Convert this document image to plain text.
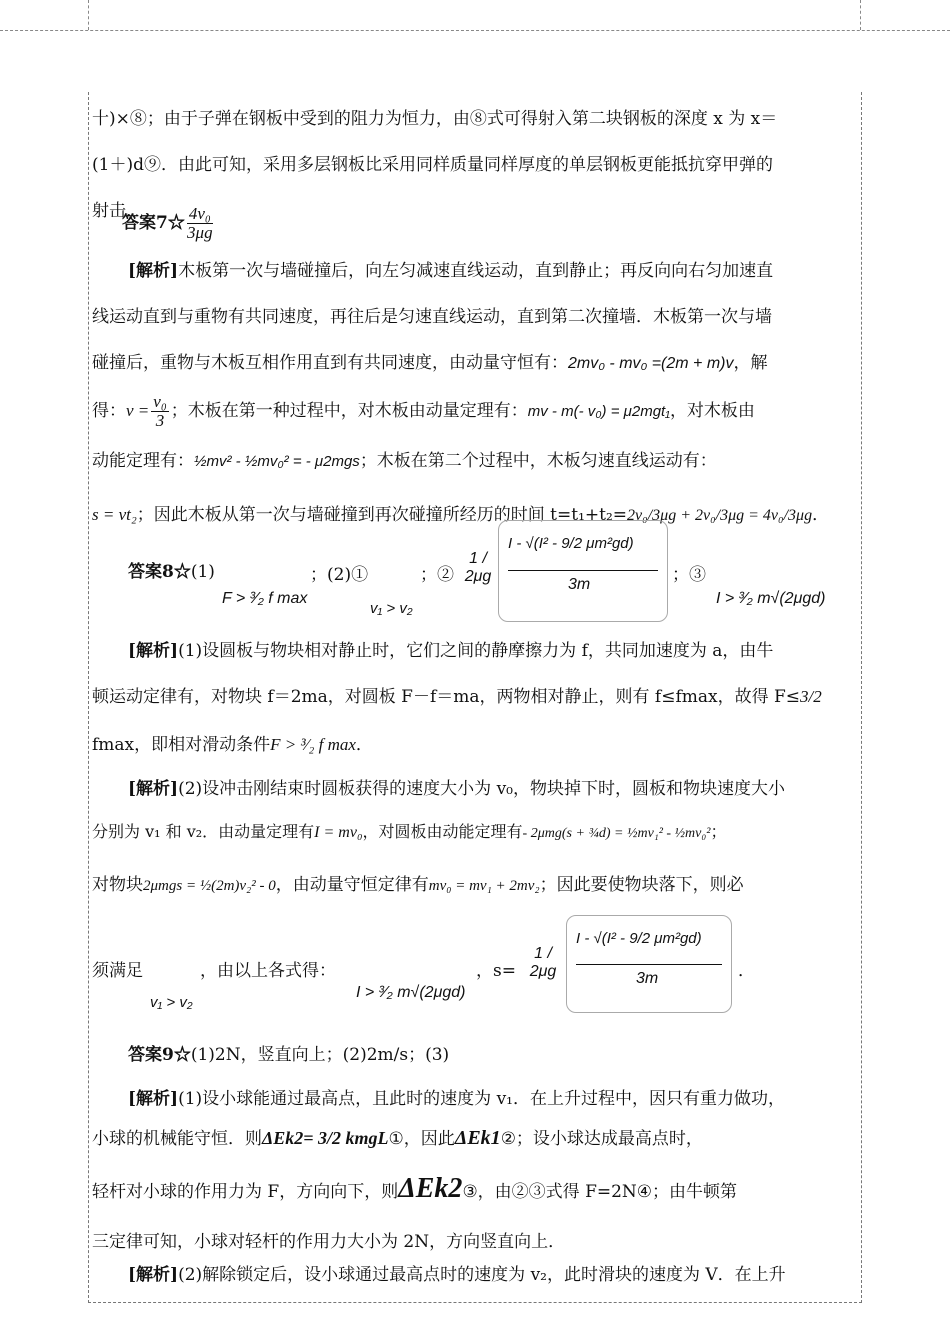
十)×⑧；由于子弹在钢板中受到的阻力为恒力，由⑧式可得射入第二块钢板的深度 x 为 x＝
(1＋)d⑨．由此可知，采用多层钢板比采用同样质量同样厚度的单层钢板更能抵抗穿甲弹的
射击．
答案7☆ $\frac{\text{4v₀}}{3\mu g}$
[解析]木板第一次与墙碰撞后，向左匀减速直线运动，直到静止；再反向向右匀加速直
线运动直到与重物有共同速度，再往后是匀速直线运动，直到第二次撞墙．木板第一次与墙
碰撞后，重物与木板互相作用直到有共同速度，由动量守恒有：2mv₀ - mv₀ =(2m + m)v，解
得：$v = \frac{\text{v₀}}{3}$ ；木板在第一种过程中，对木板由动量定理有：mv - m(- v₀) = μ2mgt₁，对木板由
动能定理有：½mv² - ½mv₀² = - μ2mgs；木板在第二个过程中，木板匀速直线运动有：
s = vt₂；因此木板从第一次与墙碰撞到再次碰撞所经历的时间 t=t₁+t₂=2v₀/3μg + 2v₀/3μg = 4v₀/3μg．
答案8☆(1)
F > ³⁄₂ f max
；(2)①
v₁ > v₂
；②
1 / 2μg
I - √(I² - 9/2 μm²gd)
3m	；③
I > ³⁄₂ m√(2μgd)
[解析](1)设圆板与物块相对静止时，它们之间的静摩擦力为 f，共同加速度为 a，由牛
顿运动定律有，对物块 f＝2ma，对圆板 F－f＝ma，两物相对静止，则有 f≤fmax，故得 F≤3/2
fmax，即相对滑动条件F > ³⁄₂ f max．
[解析](2)设冲击刚结束时圆板获得的速度大小为 v₀，物块掉下时，圆板和物块速度大小
分别为 v₁ 和 v₂．由动量定理有I = mv₀，对圆板由动能定理有- 2μmg(s + ¾d) = ½mv₁² - ½mv₀²；
对物块2μmgs = ½(2m)v₂² - 0，由动量守恒定律有mv₀ = mv₁ + 2mv₂；因此要使物块落下，则必
须满足
v₁ > v₂
，由以上各式得：
I > ³⁄₂ m√(2μgd)
，s=
1 / 2μg
I - √(I² - 9/2 μm²gd)
3m	．
答案9☆(1)2N，竖直向上；(2)2m/s；(3)
[解析](1)设小球能通过最高点，且此时的速度为 v₁．在上升过程中，因只有重力做功，
小球的机械能守恒．则ΔEk2= 3/2 kmgL①，因此ΔEk1②；设小球达成最高点时，
轻杆对小球的作用力为 F，方向向下，则ΔEk2③，由②③式得 F=2N④；由牛顿第
三定律可知，小球对轻杆的作用力大小为 2N，方向竖直向上．
[解析](2)解除锁定后，设小球通过最高点时的速度为 v₂，此时滑块的速度为 V．在上升
